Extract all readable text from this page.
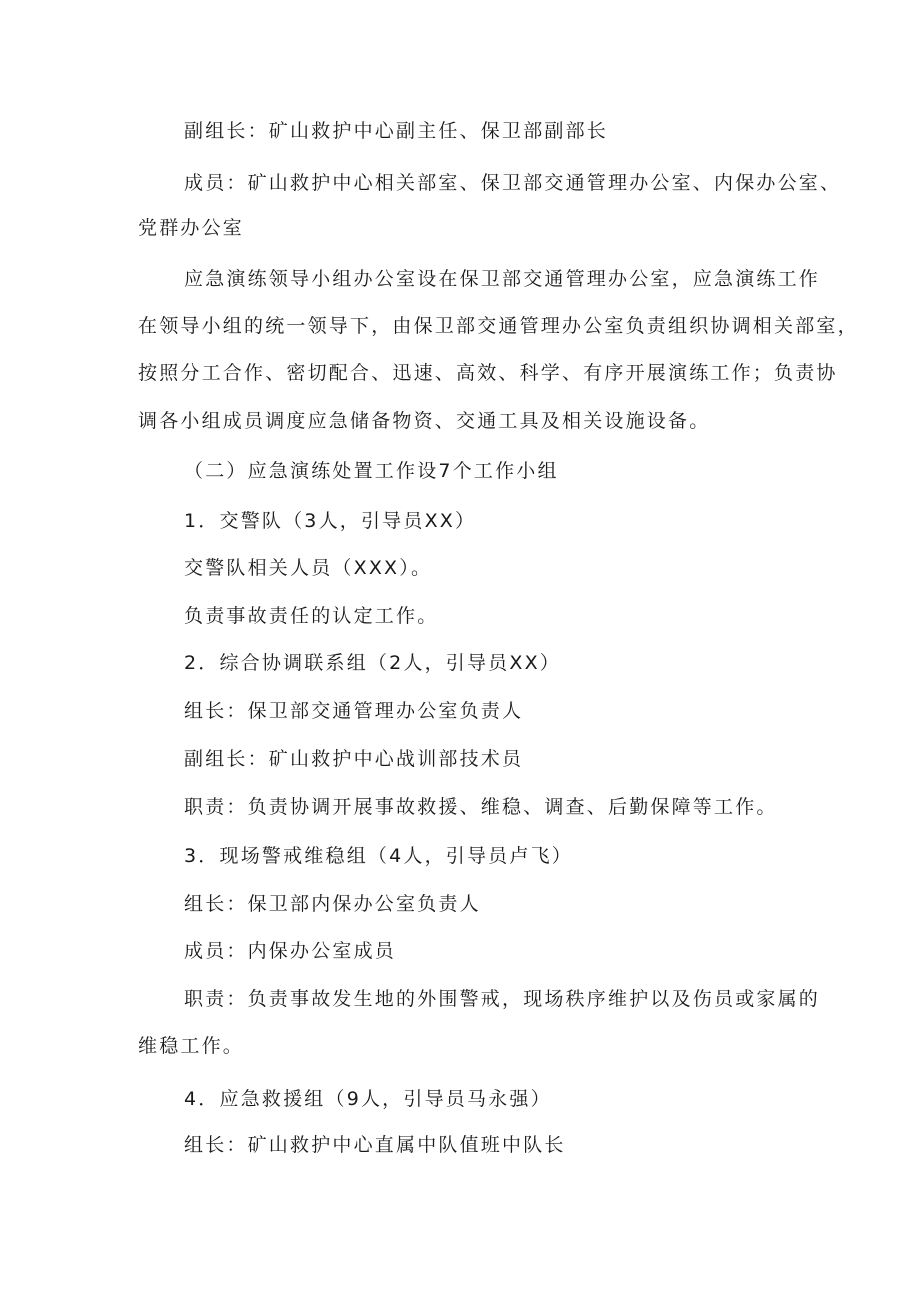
副组长：矿山救护中心副主任、保卫部副部长
成员：矿山救护中心相关部室、保卫部交通管理办公室、内保办公室、
党群办公室
应急演练领导小组办公室设在保卫部交通管理办公室，应急演练工作
在领导小组的统一领导下，由保卫部交通管理办公室负责组织协调相关部室，
按照分工合作、密切配合、迅速、高效、科学、有序开展演练工作；负责协
调各小组成员调度应急储备物资、交通工具及相关设施设备。
（二）应急演练处置工作设7个工作小组
1．交警队（3人，引导员XX）
交警队相关人员（XXX）。
负责事故责任的认定工作。
2．综合协调联系组（2人，引导员XX）
组长：保卫部交通管理办公室负责人
副组长：矿山救护中心战训部技术员
职责：负责协调开展事故救援、维稳、调查、后勤保障等工作。
3．现场警戒维稳组（4人，引导员卢飞）
组长：保卫部内保办公室负责人
成员：内保办公室成员
职责：负责事故发生地的外围警戒，现场秩序维护以及伤员或家属的
维稳工作。
4．应急救援组（9人，引导员马永强）
组长：矿山救护中心直属中队值班中队长
